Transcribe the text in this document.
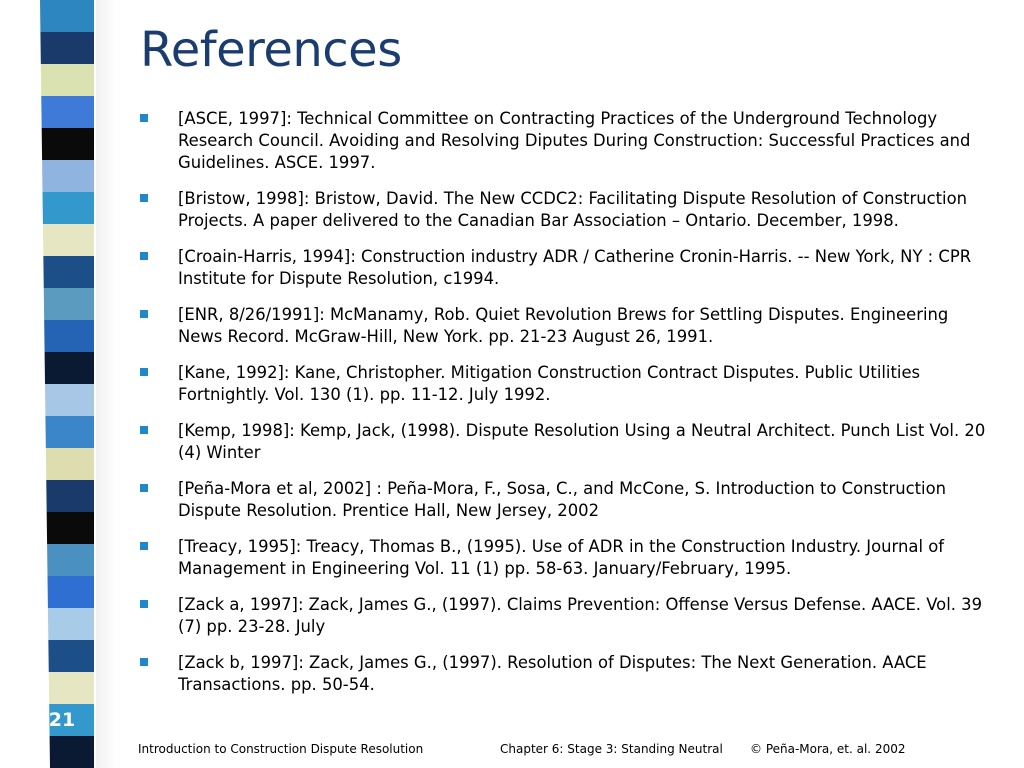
21
References
[ASCE, 1997]: Technical Committee on Contracting Practices of the Underground Technology Research Council. Avoiding and Resolving Diputes During Construction: Successful Practices and Guidelines. ASCE. 1997.
[Bristow, 1998]: Bristow, David. The New CCDC2: Facilitating Dispute Resolution of Construction Projects. A paper delivered to the Canadian Bar Association – Ontario. December, 1998.
[Croain-Harris, 1994]: Construction industry ADR / Catherine Cronin-Harris. -- New York, NY : CPR Institute for Dispute Resolution, c1994.
[ENR, 8/26/1991]: McManamy, Rob. Quiet Revolution Brews for Settling Disputes. Engineering News Record. McGraw-Hill, New York. pp. 21-23 August 26, 1991.
[Kane, 1992]: Kane, Christopher. Mitigation Construction Contract Disputes. Public Utilities Fortnightly. Vol. 130 (1). pp. 11-12. July 1992.
[Kemp, 1998]: Kemp, Jack, (1998). Dispute Resolution Using a Neutral Architect. Punch List Vol. 20 (4) Winter
[Peña-Mora et al, 2002] : Peña-Mora, F., Sosa, C., and McCone, S. Introduction to Construction Dispute Resolution. Prentice Hall, New Jersey, 2002
[Treacy, 1995]: Treacy, Thomas B., (1995). Use of ADR in the Construction Industry. Journal of Management in Engineering Vol. 11 (1) pp. 58-63. January/February, 1995.
[Zack a, 1997]: Zack, James G., (1997). Claims Prevention: Offense Versus Defense. AACE. Vol. 39 (7) pp. 23-28. July
[Zack b, 1997]: Zack, James G., (1997). Resolution of Disputes: The Next Generation. AACE Transactions. pp. 50-54.
Introduction to Construction Dispute Resolution	Chapter 6: Stage 3: Standing Neutral © Peña-Mora, et. al. 2002
